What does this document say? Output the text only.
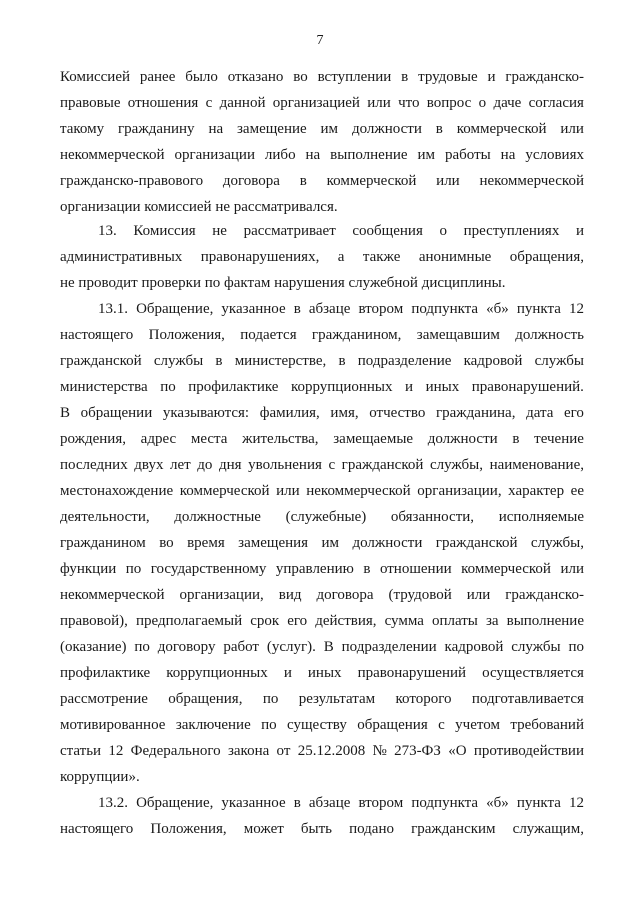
7
Комиссией ранее было отказано во вступлении в трудовые и гражданско-
правовые отношения с данной организацией или что вопрос о даче согласия
такому гражданину на замещение им должности в коммерческой или
некоммерческой организации либо на выполнение им работы на условиях
гражданско-правового договора в коммерческой или некоммерческой
организации комиссией не рассматривался.
13. Комиссия не рассматривает сообщения о преступлениях и
административных правонарушениях, а также анонимные обращения,
не проводит проверки по фактам нарушения служебной дисциплины.
13.1. Обращение, указанное в абзаце втором подпункта «б» пункта 12
настоящего Положения, подается гражданином, замещавшим должность
гражданской службы в министерстве, в подразделение кадровой службы
министерства по профилактике коррупционных и иных правонарушений.
В обращении указываются: фамилия, имя, отчество гражданина, дата его
рождения, адрес места жительства, замещаемые должности в течение
последних двух лет до дня увольнения с гражданской службы, наименование,
местонахождение коммерческой или некоммерческой организации, характер ее
деятельности, должностные (служебные) обязанности, исполняемые
гражданином во время замещения им должности гражданской службы,
функции по государственному управлению в отношении коммерческой или
некоммерческой организации, вид договора (трудовой или гражданско-
правовой), предполагаемый срок его действия, сумма оплаты за выполнение
(оказание) по договору работ (услуг). В подразделении кадровой службы по
профилактике коррупционных и иных правонарушений осуществляется
рассмотрение обращения, по результатам которого подготавливается
мотивированное заключение по существу обращения с учетом требований
статьи 12 Федерального закона от 25.12.2008 № 273-ФЗ «О противодействии
коррупции».
13.2. Обращение, указанное в абзаце втором подпункта «б» пункта 12
настоящего Положения, может быть подано гражданским служащим,
